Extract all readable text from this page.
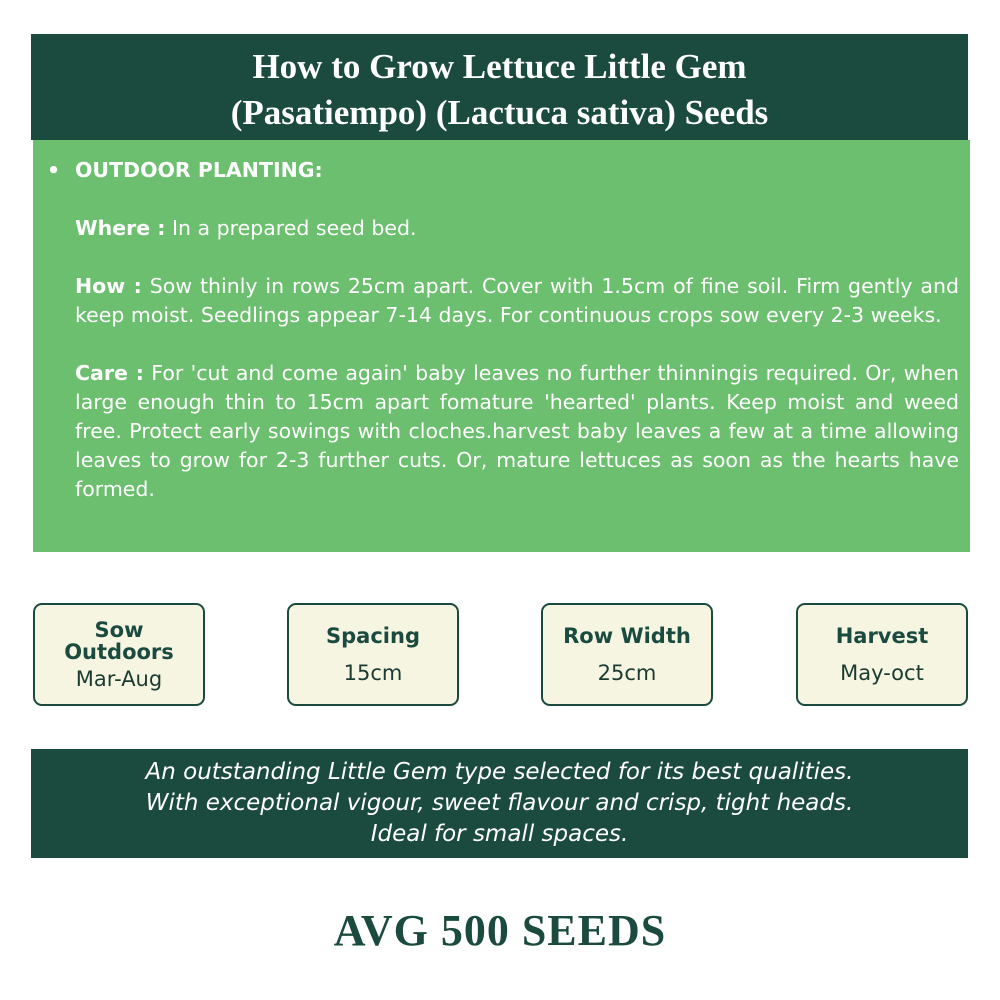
How to Grow Lettuce Little Gem
(Pasatiempo) (Lactuca sativa) Seeds
• OUTDOOR PLANTING:
Where : In a prepared seed bed.
How : Sow thinly in rows 25cm apart. Cover with 1.5cm of fine soil. Firm gently and keep moist. Seedlings appear 7-14 days. For continuous crops sow every 2-3 weeks.
Care : For 'cut and come again' baby leaves no further thinningis required. Or, when large enough thin to 15cm apart fomature 'hearted' plants. Keep moist and weed free. Protect early sowings with cloches.harvest baby leaves a few at a time allowing leaves to grow for 2-3 further cuts. Or, mature lettuces as soon as the hearts have formed.
Sow
Outdoors
Mar-Aug
Spacing
15cm
Row Width
25cm
Harvest
May-oct
An outstanding Little Gem type selected for its best qualities.
With exceptional vigour, sweet flavour and crisp, tight heads.
Ideal for small spaces.
AVG 500 SEEDS
